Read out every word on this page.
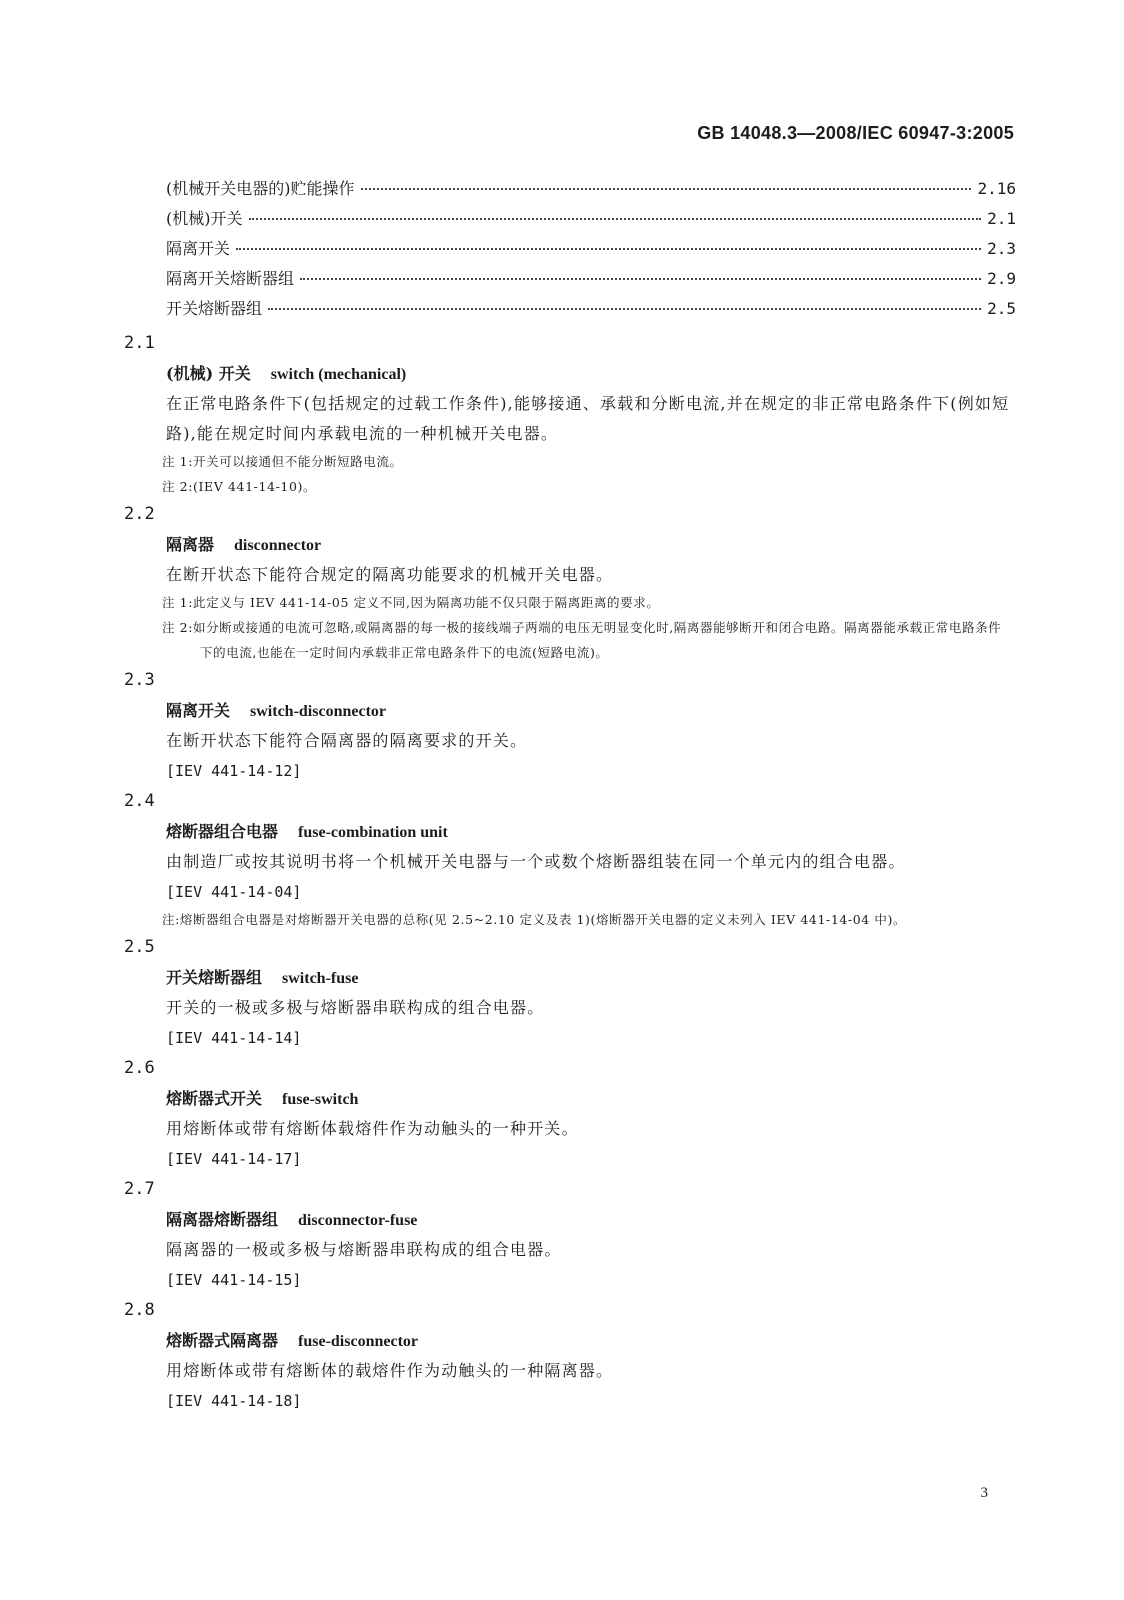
GB 14048.3—2008/IEC 60947-3:2005
(机械开关电器的)贮能操作	2.16
(机械)开关	2.1
隔离开关	2.3
隔离开关熔断器组	2.9
开关熔断器组	2.5
2.1
(机械) 开关 switch (mechanical)
在正常电路条件下(包括规定的过载工作条件),能够接通、承载和分断电流,并在规定的非正常电路条件下(例如短路),能在规定时间内承载电流的一种机械开关电器。
注 1:开关可以接通但不能分断短路电流。
注 2:(IEV 441-14-10)。
2.2
隔离器 disconnector
在断开状态下能符合规定的隔离功能要求的机械开关电器。
注 1:此定义与 IEV 441-14-05 定义不同,因为隔离功能不仅只限于隔离距离的要求。
注 2:如分断或接通的电流可忽略,或隔离器的每一极的接线端子两端的电压无明显变化时,隔离器能够断开和闭合电路。隔离器能承载正常电路条件下的电流,也能在一定时间内承载非正常电路条件下的电流(短路电流)。
2.3
隔离开关 switch-disconnector
在断开状态下能符合隔离器的隔离要求的开关。
[IEV 441-14-12]
2.4
熔断器组合电器 fuse-combination unit
由制造厂或按其说明书将一个机械开关电器与一个或数个熔断器组装在同一个单元内的组合电器。
[IEV 441-14-04]
注:熔断器组合电器是对熔断器开关电器的总称(见 2.5~2.10 定义及表 1)(熔断器开关电器的定义未列入 IEV 441-14-04 中)。
2.5
开关熔断器组 switch-fuse
开关的一极或多极与熔断器串联构成的组合电器。
[IEV 441-14-14]
2.6
熔断器式开关 fuse-switch
用熔断体或带有熔断体载熔件作为动触头的一种开关。
[IEV 441-14-17]
2.7
隔离器熔断器组 disconnector-fuse
隔离器的一极或多极与熔断器串联构成的组合电器。
[IEV 441-14-15]
2.8
熔断器式隔离器 fuse-disconnector
用熔断体或带有熔断体的载熔件作为动触头的一种隔离器。
[IEV 441-14-18]
3
